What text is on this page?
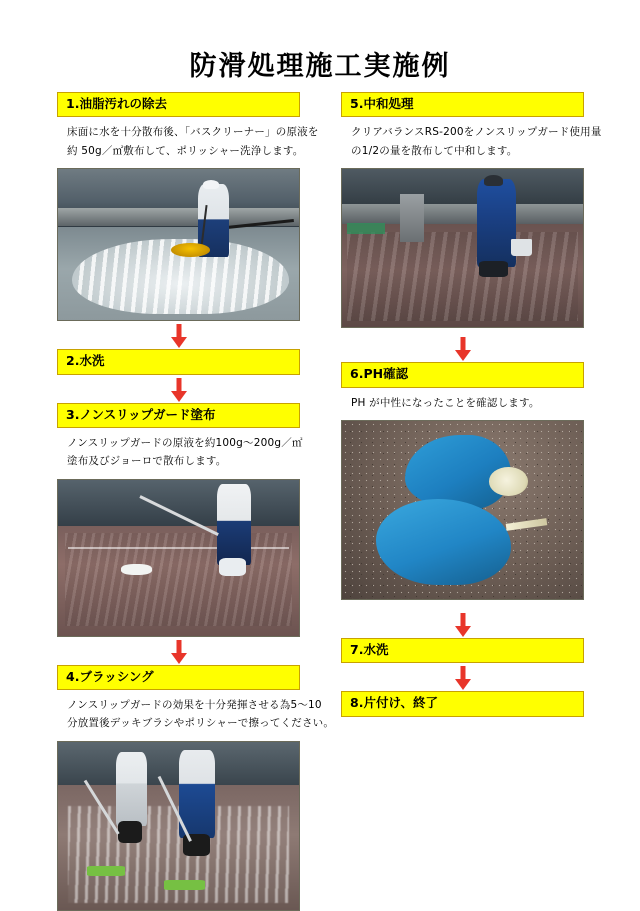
防滑処理施工実施例
1.油脂汚れの除去
床面に水を十分散布後、「バスクリーナー」の原液を
約 50g／㎡敷布して、ポリッシャー洗浄します。
2.水洗
3.ノンスリップガード塗布
ノンスリップガードの原液を約100g～200g／㎡
塗布及びジョーロで散布します。
4.ブラッシング
ノンスリップガードの効果を十分発揮させる為5～10
分放置後デッキブラシやポリシャーで擦ってください。
5.中和処理
クリアバランスRS-200をノンスリップガード使用量
の1/2の量を散布して中和します。
6.PH確認
PH が中性になったことを確認します。
7.水洗
8.片付け、終了
